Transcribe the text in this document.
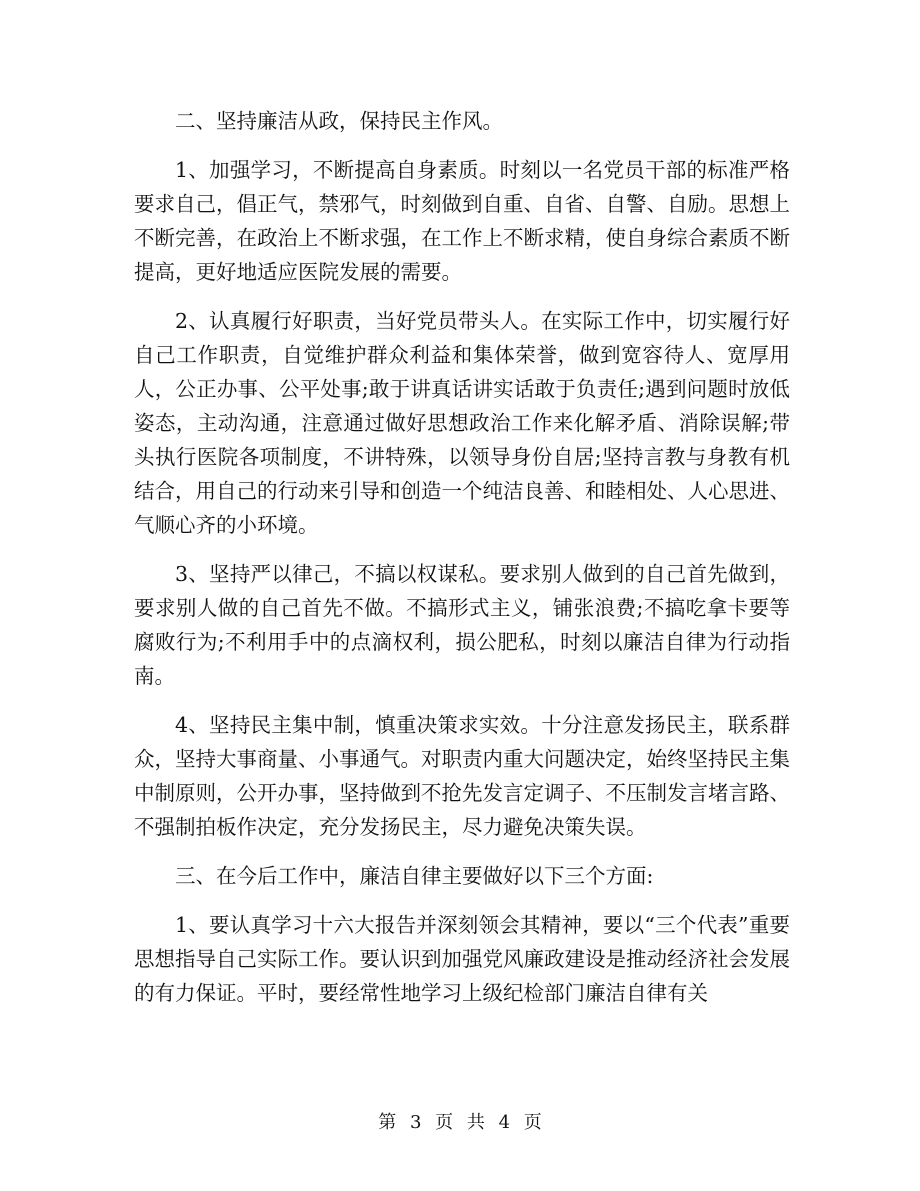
二、坚持廉洁从政，保持民主作风。

1、加强学习，不断提高自身素质。时刻以一名党员干部的标准严格要求自己，倡正气，禁邪气，时刻做到自重、自省、自警、自励。思想上不断完善，在政治上不断求强，在工作上不断求精，使自身综合素质不断提高，更好地适应医院发展的需要。

2、认真履行好职责，当好党员带头人。在实际工作中，切实履行好自己工作职责，自觉维护群众利益和集体荣誉，做到宽容待人、宽厚用人，公正办事、公平处事;敢于讲真话讲实话敢于负责任;遇到问题时放低姿态，主动沟通，注意通过做好思想政治工作来化解矛盾、消除误解;带头执行医院各项制度，不讲特殊，以领导身份自居;坚持言教与身教有机结合，用自己的行动来引导和创造一个纯洁良善、和睦相处、人心思进、气顺心齐的小环境。

3、坚持严以律己，不搞以权谋私。要求别人做到的自己首先做到，要求别人做的自己首先不做。不搞形式主义，铺张浪费;不搞吃拿卡要等腐败行为;不利用手中的点滴权利，损公肥私，时刻以廉洁自律为行动指南。

4、坚持民主集中制，慎重决策求实效。十分注意发扬民主，联系群众，坚持大事商量、小事通气。对职责内重大问题决定，始终坚持民主集中制原则，公开办事，坚持做到不抢先发言定调子、不压制发言堵言路、不强制拍板作决定，充分发扬民主，尽力避免决策失误。

三、在今后工作中，廉洁自律主要做好以下三个方面:

1、要认真学习十六大报告并深刻领会其精神，要以“三个代表”重要思想指导自己实际工作。要认识到加强党风廉政建设是推动经济社会发展的有力保证。平时，要经常性地学习上级纪检部门廉洁自律有关

第 3 页 共 4 页
